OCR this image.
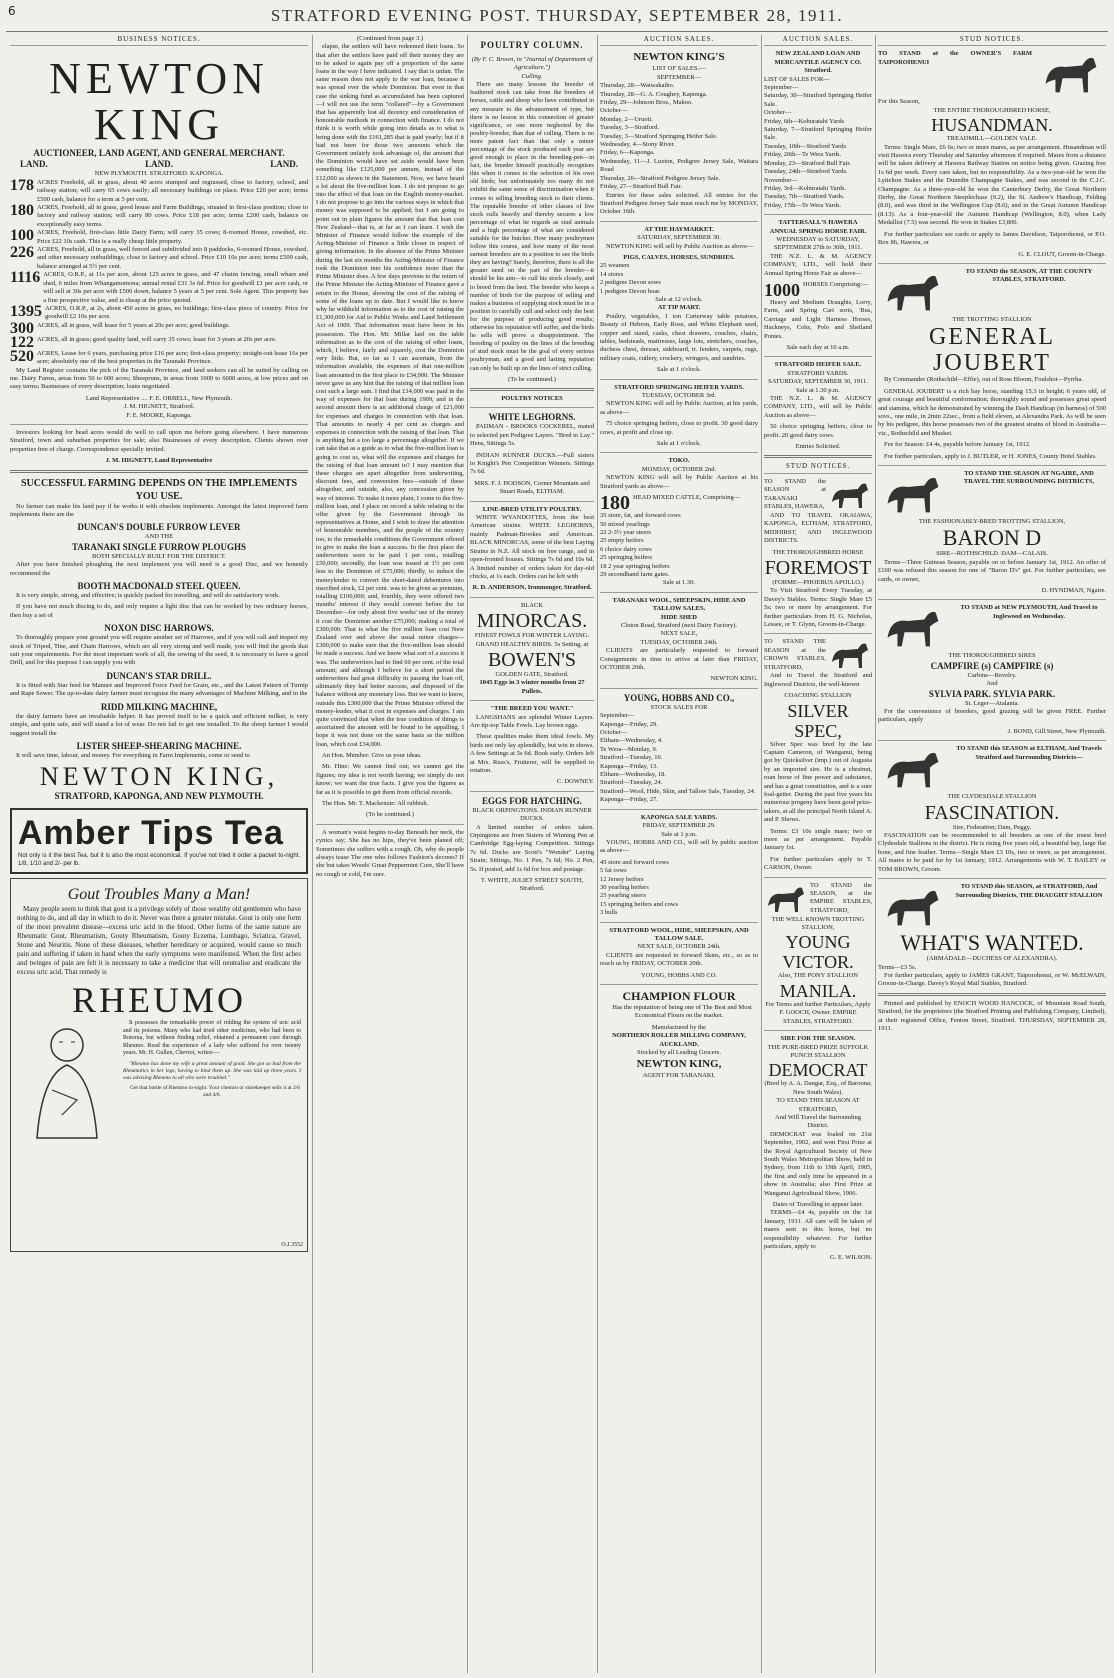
6	STRATFORD EVENING POST. THURSDAY, SEPTEMBER 28, 1911.
BUSINESS NOTICES.
NEWTON KING
AUCTIONEER, LAND AGENT, AND GENERAL MERCHANT.
LAND.	LAND.	LAND.
NEW PLYMOUTH. STRATFORD. KAPONGA.
178 ACRES Freehold, all in grass, about 40 acres stumped and regrassed, close to factory, school, and railway station; will carry 65 cows easily; all necessary buildings on place. Price £20 per acre; terms £500 cash, balance for a term at 5 per cent.
180 ACRES, Freehold, all in grass, good house and Farm Buildings, situated in first-class position; close to factory and railway station; will carry 80 cows. Price £18 per acre; terms £200 cash, balance on exceptionally easy terms.
100 ACRES, Freehold, first-class little Dairy Farm; will carry 35 cows; 8-roomed House, cowshed, etc. Price £22 10s cash. This is a really cheap little property.
226 ACRES, Freehold, all in grass, well fenced and subdivided into 8 paddocks, 6-roomed House, cowshed, and other necessary outbuildings; close to factory and school. Price £10 10s per acre; terms £500 cash, balance arranged at 5½ per cent.
1116 ACRES, O.R.P., at 11s per acre, about 125 acres in grass, and 47 chains fencing, small whare and shed, 6 miles from Whangamomona; annual rental £31 3s 6d. Price for goodwill £1 per acre cash, or will sell at 30s per acre with £500 down, balance 5 years at 5 per cent. Sole Agent. This property has a fine prospective value, and is cheap at the price quoted.
1395 ACRES, O.R.P., at 2s, about 450 acres in grass, no buildings; first-class piece of country. Price for goodwill £2 10s per acre.
300 ACRES, all in grass, will lease for 5 years at 20s per acre; good buildings.
122 ACRES, all in grass; good quality land, will carry 35 cows; lease for 3 years at 20s per acre.
520 ACRES, Lease for 6 years, purchasing price £16 per acre; first-class property; straight-out lease 16s per acre; absolutely one of the best properties in the Taranaki Province.

My Land Register contains the pick of the Taranaki Province, and land seekers can all be suited by calling on me. Dairy Farms, areas from 50 to 600 acres; Sheepruns, in areas from 1000 to 6000 acres, at low prices and on easy terms; Businesses of every description; loans negotiated.

Land Representative .... F. E. ORBELL, New Plymouth.
J. M. HIGNETT, Stratford.
F. E. MOORE, Kaponga.

Investors looking for head acres would do well to call upon me before going elsewhere. I have numerous Stratford, town and suburban properties for sale; also Businesses of every description. Clients shown over properties free of charge. Correspondence specially invited.

J. M. HIGNETT, Land Representative
SUCCESSFUL FARMING DEPENDS ON THE IMPLEMENTS YOU USE.

No farmer can make his land pay if he works it with obsolete implements. Amongst the latest improved farm implements there are the

DUNCAN'S DOUBLE FURROW LEVER
AND THE
TARANAKI SINGLE FURROW PLOUGHS
BOTH SPECIALLY BUILT FOR THE DISTRICT.

After you have finished ploughing the next implement you will need is a good Disc, and we honestly recommend the

BOOTH MACDONALD STEEL QUEEN.

It is very simple, strong, and effective; is quickly packed for travelling, and will do satisfactory work.

If you have not much discing to do, and only require a light disc that can be worked by two ordinary horses, then buy a set of

NOXON DISC HARROWS.

To thoroughly prepare your ground you will require another set of Harrows, and if you will call and inspect my stock of Tripod, Tine, and Chain Harrows, which are all very strong and well made, you will find the goods that suit your requirements. For the most important work of all, the sowing of the seed, it is necessary to have a good Drill, and for this purpose I can supply you with

DUNCAN'S STAR DRILL.

It is fitted with Star feed for Manure and Improved Force Feed for Grain, etc., and the Latest Pattern of Turnip and Rape Sower. The up-to-date dairy farmer must recognise the many advantages of Machine Milking, and in the

RIDD MILKING MACHINE,

the dairy farmers have an invaluable helper. It has proved itself to be a quick and efficient milker, is very simple, and quite safe, and will stand a lot of wear. Do not fail to get one installed. To the sheep farmer I would suggest install the

LISTER SHEEP-SHEARING MACHINE.

It will save time, labour, and money. For everything in Farm Implements, come or send to

NEWTON KING,
STRATFORD, KAPONGA, AND NEW PLYMOUTH.
Amber Tips Tea
Not only is it the best Tea, but it is also the most economical. If you've not tried it order a packet to-night. 1/8, 1/10 and 2/- per lb.
Gout Troubles Many a Man!

Many people seem to think that gout is a privilege solely of those wealthy old gentlemen who have nothing to do, and all day in which to do it. Never was there a greater mistake. Gout is only one form of the most prevalent disease—excess uric acid in the blood. Other forms of the same nature are Rheumatic Gout, Rheumatism, Gouty Rheumatism, Gouty Eczema, Lumbago, Sciatica, Gravel, Stone and Neuritis. None of these diseases, whether hereditary or acquired, would cause so much pain and suffering if taken in hand when the early symptoms were manifested. When the first aches and twinges of pain are felt it is necessary to take a medicine that will neutralise and eradicate the excess uric acid. That remedy is

RHEUMO

It possesses the remarkable power of ridding the system of uric acid and its poisons. Many who had tried other medicines, who had been to Rotorua, but without finding relief, obtained a permanent cure through Rheumo. Read the experience of a lady who suffered for over twenty years. Mr. H. Gullen, Cheviot, writes:—

"Rheumo has done my wife a great amount of good. She got so bad from the Rheumatics in her legs, having to bind them up. She was laid up three years. I was advising Rheumo to all who were troubled."

Get that bottle of Rheumo to-night. Your chemist or storekeeper sells it at 2/6 and 4/6.

O.J.3552
(Continued from page 3.)

elapse, the settlers will have redeemed their loans. So that after the settlers have paid off their money they are to be asked to again pay off a proportion of the same loans in the way I have indicated. I say that is unfair. The same reason does not apply to the war loan, because it was spread over the whole Dominion. But even in that case the sinking fund as accumulated has been captured—I will not use the term "collared"—by a Government that has apparently lost all decency and consideration of honourable methods in connection with finance. I do not think it is worth while going into details as to what is being done with the £161,285 that is paid yearly; but if it had not been for those two amounts which the Government unfairly took advantage of, the amount that the Dominion would have set aside would have been something like £125,000 per annum, instead of the £12,000 as shown in the Statement. Now, we have heard a lot about the five-million loan. I do not propose to go into the effect of that loan on the English money-market. I do not propose to go into the various ways in which that money was supposed to be applied; but I am going to point out in plain figures the amount that that loan cost New Zealand—that is, at far as I can learn. I wish the Minister of Finance would follow the example of the Acting-Minister of Finance a little closer in respect of giving information. In the absence of the Prime Minister during the last six months the Acting-Minister of Finance took the Dominion into his confidence more than the Prime Minister does. A few days previous to the return of the Prime Minister the Acting-Minister of Finance gave a return to the House, showing the cost of the raising of some of the loans up to date. But I would like to know why he withheld information as to the cost of raising the £1,300,000 for Aid to Public Works and Land Settlement Act of 1909. That information must have been in his possession. The Hon. Mr. Millar laid on the table information as to the cost of the raising of other loans, which, I believe, fairly and squarely, cost the Dominion very little. But, so far as I can ascertain, from the information available, the expenses of that one-million loan amounted in the first place to £34,900. The Minister never gave us any hint that the raising of that million loan cost such a large sum. I find that £14,000 was paid in the way of expenses for that loan during 1909, and in the second amount there is an additional charge of £21,000 for expenses and charges in connection with that loan. That amounts to nearly 4 per cent as charges and expenses in connection with the raising of that loan. That is anything but a too large a percentage altogether. If we can take that as a guide as to what the five-million loan is going to cost us, what will the expenses and charges for the raising of that loan amount to? I may mention that these charges are apart altogether from underwriting, discount fees, and conversion fees—outside of these altogether, and outside, also, any concession given by way of interest. To make it more plain, I come to the five-million loan, and I place on record a table relating to the offer given by the Government through its representatives at Home, and I wish to draw the attention of honourable members, and the people of the country too, to the remarkable conditions the Government offered to give to make the loan a success. In the first place the underwriters were to be paid 1 per cent., totalling £50,000; secondly, the loan was issued at 1½ per cent less to the Dominion of £75,000; thirdly, to induce the moneylender to convert the short-dated debentures into inscribed stock, £2 per cent. was to be given as premium, totalling £100,000; and, fourthly, they were offered two months' interest if they would convert before the 1st December—for only about five weeks' use of the money it cost the Dominion another £75,000; making a total of £300,000. That is what the five million loan cost New Zealand over and above the usual minor charges—£300,000 to make sure that the five-million loan should be made a success. And we know what sort of a success it was. The underwriters had to find 60 per cent. of the total amount; and although I believe for a short period the underwriters had great difficulty in passing the loan off, ultimately they had better success, and disposed of the balance without any monetary loss. But we want to know, outside this £300,000 that the Prime Minister offered the money-lender, what it cost in expenses and charges. I am quite convinced that when the true condition of things is ascertained the amount will be found to be appalling. I hope it was not done on the same basis as the million loan, which cost £34,000.

An Hon. Member: Give us your ideas.

Mr. Hine: We cannot find out; we cannot get the figures; my idea is not worth having; we simply do not know; we want the true facts. I give you the figures as far as it is possible to get them from official records.

The Hon. Mr. T. Mackenzie: All rubbish.

(To be continued.)

A woman's waist begins to-day Beneath her neck, the cynics say; She has no hips, they've been planed off; Sometimes she suffers with a cough. Oh, why do people always tease The one who follows Fashion's decrees? If she but takes Woods' Great Peppermint Cure, She'll have no cough or cold, I'm sure.

POULTRY COLUMN.
(By F. C. Brown, in "Journal of Department of Agriculture.")
Culling.

There are many lessons the breeder of feathered stock can take from the breeders of horses, cattle and sheep who have contributed in any measure to the advancement of type, but there is no lesson in this connection of greater significance, or one more neglected by the poultry-breeder, than that of culling. There is no more patent fact than that only a minor percentage of the stock produced each year are good enough to place in the breeding-pen—in fact, the breeder himself practically recognises this when it comes to the selection of his own old birds; but unfortunately too many do not exhibit the same sense of discrimination when it comes to selling breeding stock to their clients. The reputable breeder of other classes of live stock culls heavily and thereby secures a low percentage of what he regards as stud animals and a high percentage of what are considered suitable for the butcher. How many poultrymen follow this course, and how many of the most earnest breeders are in a position to see the birds they are having? Surely, therefore, there is all the greater need on the part of the breeder—it should be his aim—to cull his stock closely, and to breed from the best. The breeder who keeps a number of birds for the purpose of selling and makes a business of supplying stock must be in a position to carefully cull and select only the best for the purpose of producing good results; otherwise his reputation will suffer, and the birds he sells will prove a disappointment. The breeding of poultry on the lines of the breeding of stud stock must be the goal of every serious poultryman, and a good and lasting reputation can only be built up on the lines of strict culling.

(To be continued.)
POULTRY NOTICES
WHITE LEGHORNS.

PADMAN - BROOKS COCKEREL, mated to selected pen Pedigree Layers. "Bred to Lay." Hens, Sittings 5s.

INDIAN RUNNER DUCKS.—Full sisters to Knight's Pen Competition Winners. Sittings 7s 6d.

MRS. F. J. HODSON, Corner Mountain and Stuart Roads, ELTHAM.
LINE-BRED UTILITY POULTRY.

WHITE WYANDOTTES, from the best American strains. WHITE LEGHORNS, mainly Padman-Brookes and American. BLACK MINORCAS, some of the best Laying Strains in N.Z. All stock on free range, and in open-fronted houses. Sittings 7s 6d and 10s 6d. A limited number of orders taken for day-old chicks, at 1s each. Orders can be left with

R. D. ANDERSON, Ironmonger, Stratford.
BLACK
MINORCAS.
FINEST FOWLS FOR WINTER LAYING. GRAND HEALTHY BIRDS. 5s Setting, at
BOWEN'S
GOLDEN GATE, Stratford.
1045 Eggs in 3 winter months from 27 Pullets.
"THE BREED YOU WANT."

LANGSHANS are splendid Winter Layers. Are tip-top Table Fowls. Lay brown eggs.

These qualities make them ideal fowls. My birds not only lay splendidly, but win in shows. A few Settings at 5s 6d. Book early. Orders left at Mrs. Russ's, Fruiterer, will be supplied in rotation.

C. DOWNEY.
EGGS FOR HATCHING.
BLACK ORPINGTONS. INDIAN RUNNER DUCKS.

A limited number of orders taken. Orpingtons are from Sisters of Winning Pen at Cambridge Egg-laying Competition. Sittings 7s 6d. Ducks are Scott's "Wonder" Laying Strain; Sittings, No. 1 Pen, 7s 6d; No. 2 Pen, 5s. If posted, add 1s 6d for box and postage.

T. WHITE, JULIET STREET SOUTH, Stratford.
AUCTION SALES.
NEWTON KING'S
LIST OF SALES.—
SEPTEMBER—
Thursday, 28—Waiwakaiho.
Thursday, 28—G. A. Coughey, Kaponga.
Friday, 29—Johnson Bros., Makoo.
October—
Monday, 2—Uruoti.
Tuesday, 3—Stratford.
Tuesday, 3—Stratford Springing Heifer Sale.
Wednesday, 4—Stony River.
Friday, 6—Kaponga.
Wednesday, 11—J. Luxton, Pedigree Jersey Sale, Waitara Road
Thursday, 26—Stratford Pedigree Jersey Sale.
Friday, 27—Stratford Bull Fair.

Entries for these sales solicited. All entries for the Stratford Pedigree Jersey Sale must reach me by MONDAY, October 16th.

AT THE HAYMARKET.
SATURDAY, SEPTEMBER 30.

NEWTON KING will sell by Public Auction as above—

PIGS, CALVES, HORSES, SUNDRIES.
25 weaners
14 stores
2 pedigree Devon sows
1 pedigree Devon boar.
Sale at 12 o'clock.
AT TIP MART.

Poultry, vegetables, 1 ton Carterway table potatoes, Beauty of Hebron, Early Rose, and White Elephant seed, copper and stand, casks, chest drawers, couches, chairs, tables, bedsteads, mattresses, large lots, stretchers, couches, duchess chest, dresser, sideboard, tr. fenders, carpets, rugs, military coats, cutlery, crockery, wringers, and sundries.

Sale at 1 o'clock.
STRATFORD SPRINGING HEIFER YARDS.
TUESDAY, OCTOBER 3rd.

NEWTON KING will sell by Public Auction, at his yards, as above—

75 choice springing heifers, close to profit. 30 good dairy cows, at profit and close up.

Sale at 1 o'clock.
TOKO.
MONDAY, OCTOBER 2nd.

NEWTON KING will sell by Public Auction at his Stratford yards as above—

180 HEAD MIXED CATTLE, Comprising—
35 store, fat, and forward cows
50 mixed yearlings
22 2-3½ year steers
25 empty heifers
6 choice dairy cows
25 springing heifers
18 2 year springing heifers
29 secondhand farm gates.
Sale at 1.30.
TARANAKI WOOL, SHEEPSKIN, HIDE AND TALLOW SALES.
HIDE SHED
Cloton Road, Stratford (next Dairy Factory).
NEXT SALE,
TUESDAY, OCTOBER 24th.

CLIENTS are particularly requested to forward Consignments in time to arrive at later than FRIDAY, OCTOBER 20th.

NEWTON KING.
YOUNG, HOBBS AND CO.,
STOCK SALES FOR
September—
Kaponga—Friday, 29.
October—
Eltham—Wednesday, 4.
Te Wera—Monday, 9.
Stratford—Tuesday, 10.
Kaponga—Friday, 13.
Eltham—Wednesday, 18.
Stratford—Tuesday, 24.
Stratford—Wool, Hide, Skin, and Tallow Sale, Tuesday, 24.
Kaponga—Friday, 27.
KAPONGA SALE YARDS.
FRIDAY, SEPTEMBER 29.
Sale at 1 p.m.

YOUNG, HOBBS AND CO., will sell by public auction as above—

45 store and forward cows
5 fat cows
12 Jersey heifers
30 yearling heifers
25 yearling steers
15 springing heifers and cows
3 bulls
STRATFORD WOOL, HIDE, SHEEPSKIN, AND TALLOW SALE.
NEXT SALE, OCTOBER 24th.

CLIENTS are requested to forward Skins, etc., so as to reach us by FRIDAY, OCTOBER 20th.

YOUNG, HOBBS AND CO.
CHAMPION FLOUR

Has the reputation of being one of The Best and Most Economical Flours on the market.

Manufactured by the
NORTHERN ROLLER MILLING COMPANY, AUCKLAND.
Stocked by all Leading Grocers.
NEWTON KING,
AGENT FOR TARANAKI.
AUCTION SALES.
NEW ZEALAND LOAN AND MERCANTILE AGENCY CO. Stratford.
LIST OF SALES FOR—
September—
Saturday, 30—Stratford Springing Heifer Sale.
October—
Friday, 6th—Kohuratahi Yards
Saturday, 7—Stratford Springing Heifer Sale.
Tuesday, 10th—Stratford Yards
Friday, 20th—Te Wera Yards.
Monday, 23—Stratford Bull Fair.
Tuesday, 24th—Stratford Yards.
November—
Friday, 3rd—Kohuratahi Yards.
Tuesday, 7th—Stratford Yards.
Friday, 17th—Te Wera Yards.
TATTERSALL'S HAWERA
ANNUAL SPRING HORSE FAIR.
WEDNESDAY to SATURDAY, SEPTEMBER 27th to 30th, 1911.

THE N.Z. L. & M. AGENCY COMPANY, LTD., will hold their Annual Spring Horse Fair as above—

1000 HORSES Comprising:—

Heavy and Medium Draughts, Lorry, Farm, and Spring Cart sorts, 'Bus, Carriage and Light Harness Horses, Hackneys, Cobs, Polo and Shetland Ponies.

Sale each day at 10 a.m.
STRATFORD HEIFER SALE.
STRATFORD YARDS.
SATURDAY, SEPTEMBER 30, 1911.
Sale at 1.30 p.m.

THE N.Z. L. & M. AGENCY COMPANY, LTD., will sell by Public Auction as above—

50 choice springing heifers, close to profit. 20 good dairy cows.

Entries Solicited.
STUD NOTICES.
TO STAND the SEASON at TARANAKI STABLES, HAWERA,

AND TO TRAVEL OKAIAWA, KAPONGA, ELTHAM, STRATFORD, MIDHIRST, AND INGLEWOOD DISTRICTS.

THE THOROUGHBRED HORSE
FOREMOST
(FORME—PHOEBUS APOLLO.)

To Visit Stratford Every Tuesday, at Davey's Stables. Terms: Single Mare £5 5s; two or more by arrangement. For further particulars from H. G. Nicholas, Lessee, or T. Glynn, Groom-in-Charge.

TO STAND THE SEASON at the CROWN STABLES, STRATFORD,

And to Travel the Stratford and Inglewood Districts, the well-known

COACHING STALLION
SILVER SPEC,

Silver Spec was bred by the late Captain Cameron, of Wanganui, being got by Quicksilver (imp.) out of Augusta by an imported sire. He is a chestnut, roan horse of fine power and substance, and has a great constitution, and is a sure foal-getter. During the past five years his numerous progeny have been good prize-takers, at all the principal North Island A. and P. Shows.

Terms: £3 10s single mare; two or more as per arrangement. Payable January 1st.

For further particulars apply to T. CARSON, Owner.

TO STAND the SEASON, at the EMPIRE STABLES, STRATFORD,
THE WELL KNOWN TROTTING STALLION,
YOUNG VICTOR.
Also, THE PONY STALLION
MANILA.
For Terms and further Particulars, Apply
F. GOOCH, Owner. EMPIRE STABLES, STRATFORD.
SIRE FOR THE SEASON.
THE PURE-BRED PRIZE SUFFOLK PUNCH STALLION
DEMOCRAT
(Bred by A. A. Dangar, Esq., of Baroona; New South Wales).
TO STAND THIS SEASON AT STRATFORD,
And Will Travel the Surrounding District.

DEMOCRAT was foaled on 21st September, 1902, and won First Prize at the Royal Agricultural Society of New South Wales Metropolitan Show, held in Sydney, from 11th to 19th April, 1905, the first and only time he appeared in a show in Australia; also First Prize at Wanganui Agricultural Show, 1906.

Dates of Travelling to appear later.

TERMS—£4 4s, payable on the 1st January, 1911. All care will be taken of mares sent to this horse, but no responsibility whatever. For further particulars, apply to

G. E. WILSON.
STUD NOTICES.
TO STAND at the OWNER'S FARM TAIPOROHENUI
For this Season,
THE ENTIRE THOROUGHBRED HORSE,
HUSANDMAN.
TREADMILL—GOLDEN VALE.

Terms: Single Mare, £6 6s; two or more mares, as per arrangement. Husandman will visit Hawera every Thursday and Saturday afternoon if required. Mares from a distance will be taken delivery at Hawera Railway Station on notice being given. Grazing free 1s 6d per week. Every care taken, but no responsibility. As a two-year-old he won the Lyttelton Stakes and the Dunedin Champagne Stakes, and was second in the C.J.C. Champagne. As a three-year-old he won the Canterbury Derby, the Great Northern Derby, the Great Northern Steeplechase (9.2), the St. Andrew's Handicap, Felding (8.0), and was third in the Wellington Cup (8.6), and in the Great Autumn Handicap (8.13). As a four-year-old the Autumn Handicap (Wellington, 8.0), when Lady Medallist (7.5) was second. He won in Stakes £3,800.

For further particulars see cards or apply to James Davidson, Taiporohenui, or P.O. Box 86, Hawera, or

G. E. CLOUT, Groom-in-Charge.
TO STAND the SEASON, AT THE COUNTY STABLES, STRATFORD.
THE TROTTING STALLION
GENERAL JOUBERT

By Commander (Rothschild—Effie), out of Rose Bloom, Foulshot—Pyrrha.

GENERAL JOUBERT is a rich bay horse, standing 15.3 in height; 6 years old, of great courage and beautiful conformation; thoroughly sound and possesses great speed and stamina, which he demonstrated by winning the Dash Handicap (in harness) of 500 sovs., one mile, in 2min 22sec., from a field eleven, at Alexandra Park. As will be seen by his pedigree, this horse possesses two of the greatest strains of blood in Australia—viz., Rothschild and Musket.

Fee for Season: £4 4s, payable before January 1st, 1912.

For further particulars, apply to J. BUTLER, or H. JONES, County Hotel Stables.

TO STAND THE SEASON AT NGAIRE, AND TRAVEL THE SURROUNDING DISTRICTS,
THE FASHIONABLY-BRED TROTTING STALLION,
BARON D
SIRE—ROTHSCHILD. DAM—CALAIS.

Terms—Three Guineas Season, payable on or before January 1st, 1912. An offer of £100 was refused this season for one of "Baron D's" get. For further particulars, see cards, or owner,

D. HYNDMAN, Ngaire.
TO STAND at NEW PLYMOUTH, And Travel to Inglewood on Wednesday.
THE THOROUGHBRED SIRES
CAMPFIRE (s) CAMPFIRE (s)
Carbine—Revelry.
And
SYLVIA PARK. SYLVIA PARK.
St. Leger—Atalanta.

For the convenience of breeders, good grazing will be given FREE. Further particulars, apply

J. BOND, Gill Street, New Plymouth.
TO STAND this SEASON at ELTHAM, And Travels Stratford and Surrounding Districts—
THE CLYDESDALE STALLION
FASCINATION.
Sire, Federation; Dam, Peggy.

FASCINATION can be recommended to all breeders as one of the truest bred Clydesdale Stallions in the district. He is rising five years old, a beautiful bay, large flat bone, and fine feather. Terms—Single Mare £3 10s, two or more, as per arrangement. All mares to be paid for by 1st January, 1912. Arrangements with W. T. BAILEY or TOM BROWN, Groom.

TO STAND this SEASON, at STRATFORD, And Surrounding Districts, THE DRAUGHT STALLION
WHAT'S WANTED.
(ARMADALE—DUCHESS OF ALEXANDRA).
Terms—£3 5s.

For further particulars, apply to JAMES GRANT, Taiporohenui, or W. McELWAIN, Groom-in-Charge. Davey's Royal Mail Stables, Stratford.

Printed and published by ENOCH WOOD HANCOCK, of Mountain Road South, Stratford, for the proprietors (the Stratford Printing and Publishing Company, Limited), at their registered Office, Fenton Street, Stratford. THURSDAY, SEPTEMBER 28, 1911.
